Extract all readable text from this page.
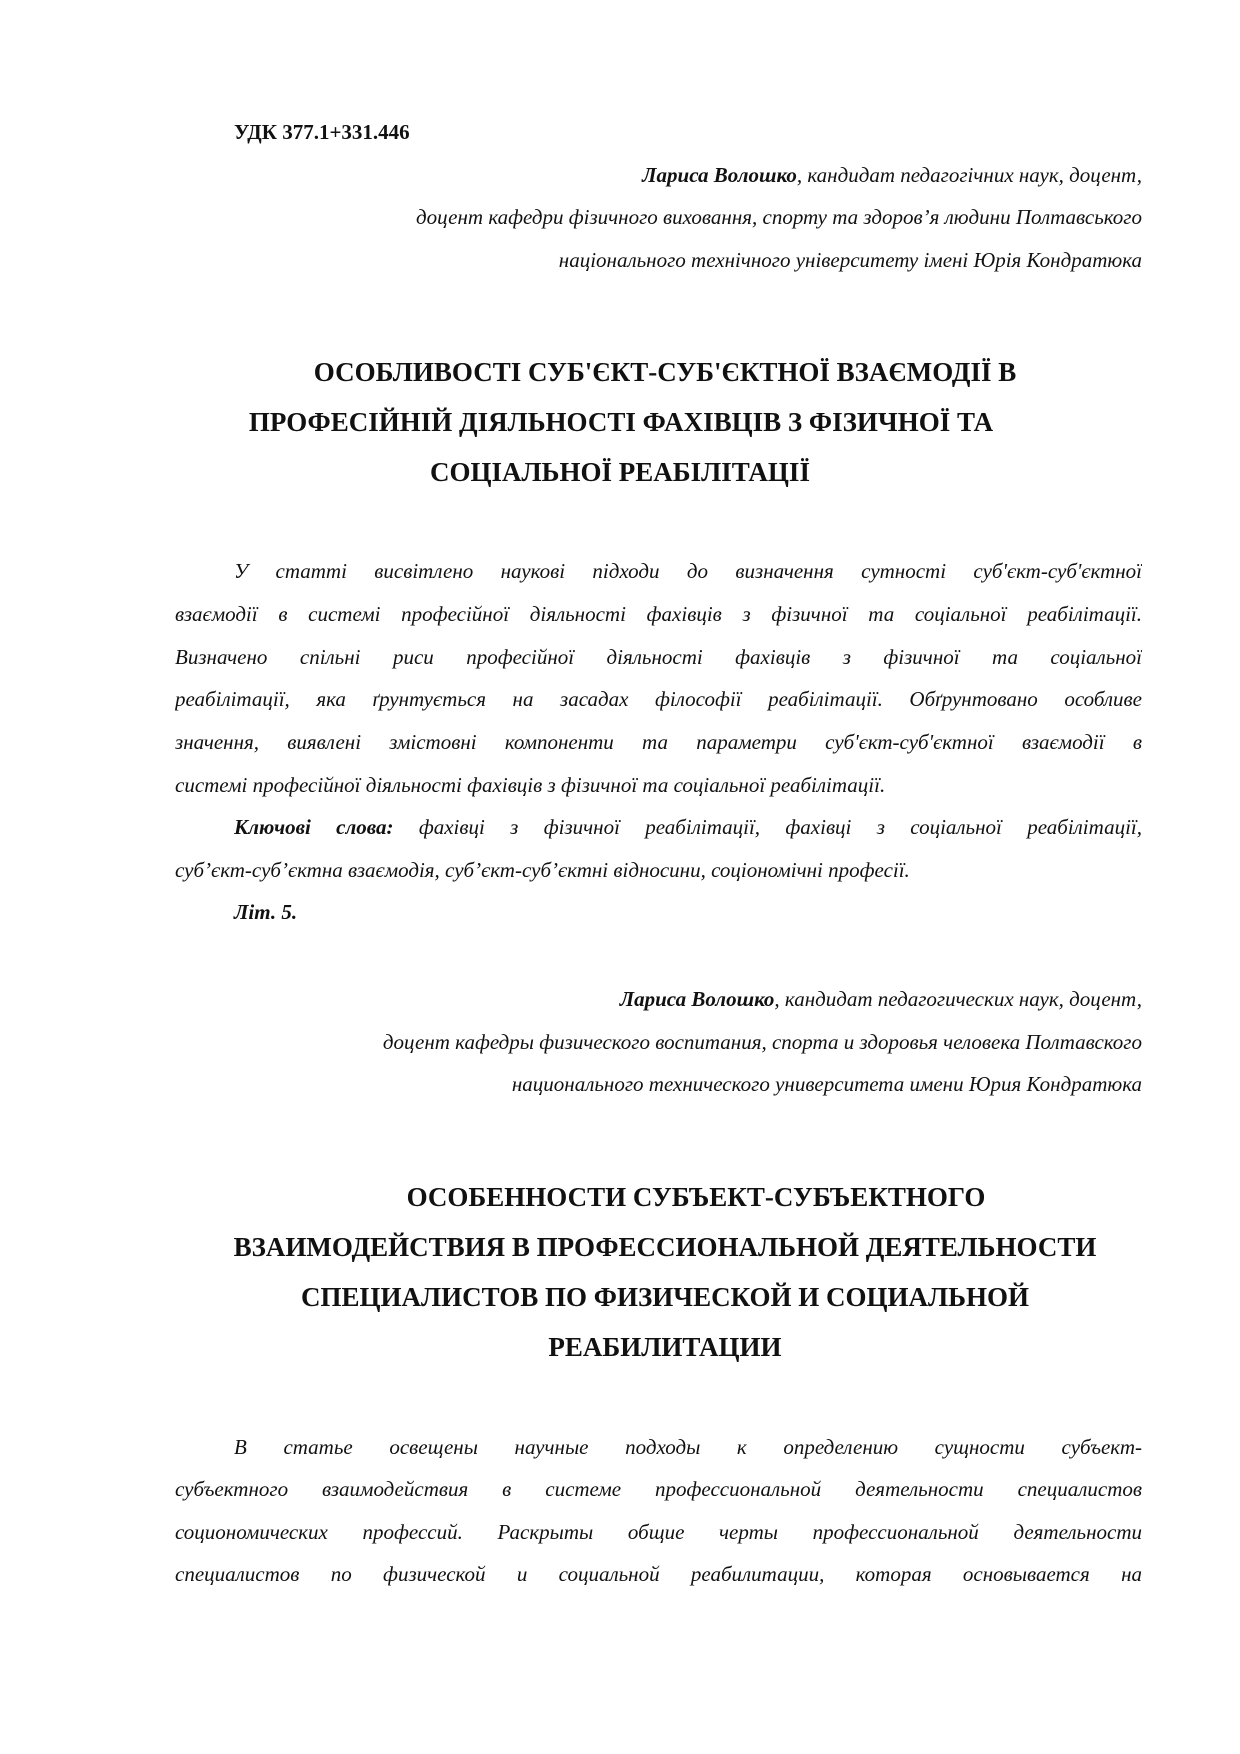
УДК 377.1+331.446

Лариса Волошко, кандидат педагогічних наук, доцент,

доцент кафедри фізичного виховання, спорту та здоров’я людини Полтавського

національного технічного університету імені Юрія Кондратюка

ОСОБЛИВОСТІ СУБ'ЄКТ-СУБ'ЄКТНОЇ ВЗАЄМОДІЇ В

ПРОФЕСІЙНІЙ ДІЯЛЬНОСТІ ФАХІВЦІВ З ФІЗИЧНОЇ ТА

СОЦІАЛЬНОЇ РЕАБІЛІТАЦІЇ

У статті висвітлено наукові підходи до визначення сутності суб'єкт-суб'єктної

взаємодії в системі професійної діяльності фахівців з фізичної та соціальної реабілітації.

Визначено спільні риси професійної діяльності фахівців з фізичної та соціальної

реабілітації, яка ґрунтується на засадах філософії реабілітації. Обґрунтовано особливе

значення, виявлені змістовні компоненти та параметри суб'єкт-суб'єктної взаємодії в

системі професійної діяльності фахівців з фізичної та соціальної реабілітації.

Ключові слова: фахівці з фізичної реабілітації, фахівці з соціальної реабілітації,

суб’єкт-суб’єктна взаємодія, суб’єкт-суб’єктні відносини, соціономічні професії.

Літ. 5.

Лариса Волошко, кандидат педагогических наук, доцент,

доцент кафедры физического воспитания, спорта и здоровья человека Полтавского

национального технического университета имени Юрия Кондратюка

ОСОБЕННОСТИ СУБЪЕКТ-СУБЪЕКТНОГО

ВЗАИМОДЕЙСТВИЯ В ПРОФЕССИОНАЛЬНОЙ ДЕЯТЕЛЬНОСТИ

СПЕЦИАЛИСТОВ ПО ФИЗИЧЕСКОЙ И СОЦИАЛЬНОЙ

РЕАБИЛИТАЦИИ

В статье освещены научные подходы к определению сущности субъект-

субъектного взаимодействия в системе профессиональной деятельности специалистов

социономических профессий. Раскрыты общие черты профессиональной деятельности

специалистов по физической и социальной реабилитации, которая основывается на
